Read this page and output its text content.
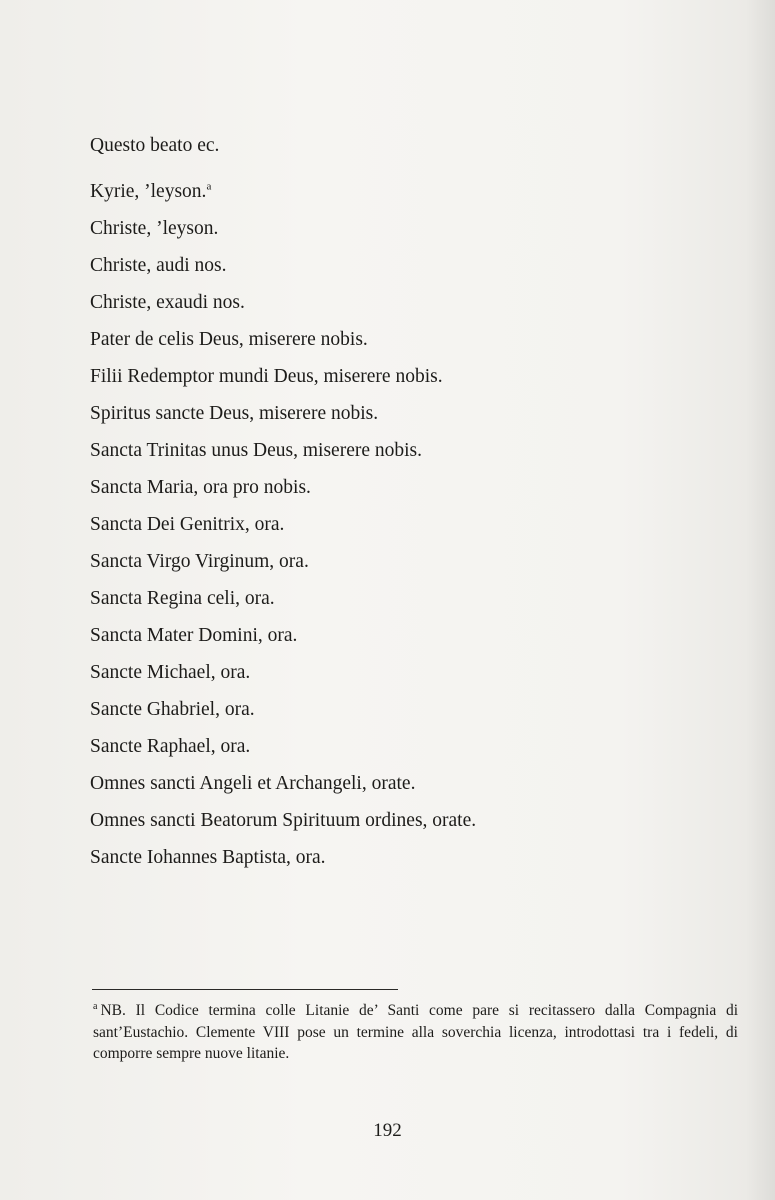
Questo beato ec.
Kyrie, ’leyson.$^a$
Christe, ’leyson.
Christe, audi nos.
Christe, exaudi nos.
Pater de celis Deus, miserere nobis.
Filii Redemptor mundi Deus, miserere nobis.
Spiritus sancte Deus, miserere nobis.
Sancta Trinitas unus Deus, miserere nobis.
Sancta Maria, ora pro nobis.
Sancta Dei Genitrix, ora.
Sancta Virgo Virginum, ora.
Sancta Regina celi, ora.
Sancta Mater Domini, ora.
Sancte Michael, ora.
Sancte Ghabriel, ora.
Sancte Raphael, ora.
Omnes sancti Angeli et Archangeli, orate.
Omnes sancti Beatorum Spirituum ordines, orate.
Sancte Iohannes Baptista, ora.
$^a$ NB. Il Codice termina colle Litanie de’ Santi come pare si recitassero dalla Compagnia di sant’Eustachio. Clemente VIII pose un termine alla soverchia licenza, introdottasi tra i fedeli, di comporre sempre nuove litanie.
192
